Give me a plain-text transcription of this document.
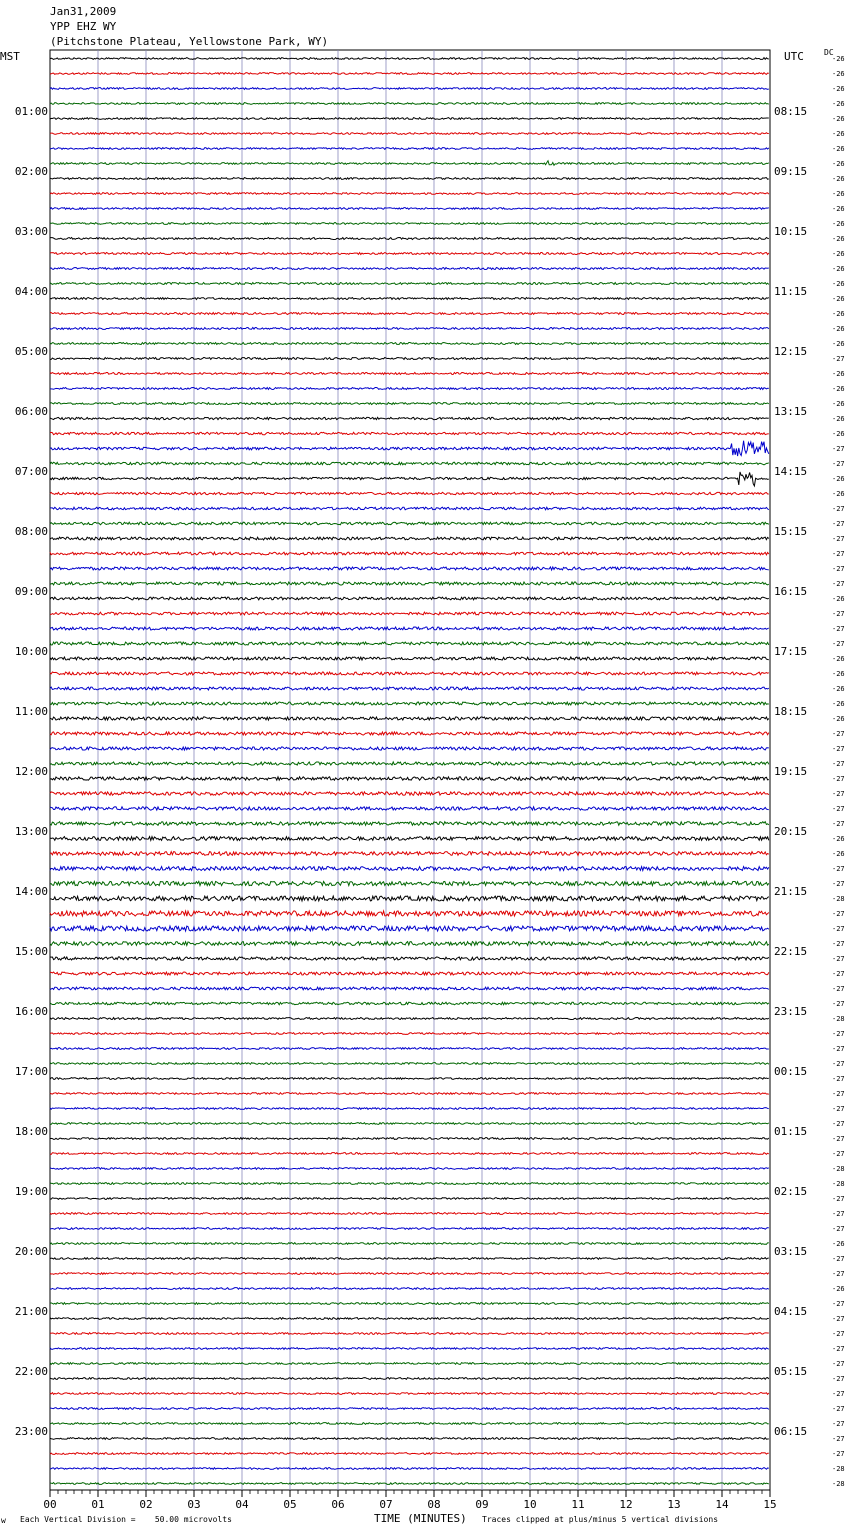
Jan31,2009
YPP EHZ WY
(Pitchstone Plateau, Yellowstone Park, WY)
MST	UTC	DC
-26
-26
-26
-26
-26
-26
-26
-26
-26
-26
-26
-26
-26
-26
-26
-26
-26
-26
-26
-26
-27
-26
-26
-26
-26
-26
-27
-27
-26
-26
-27
-27
-27
-27
-27
-27
-26
-27
-27
-27
-26
-26
-26
-26
-26
-27
-27
-27
-27
-27
-27
-27
-26
-26
-27
-27
-28
-27
-27
-27
-27
-27
-27
-27
-28
-27
-27
-27
-27
-27
-27
-27
-27
-27
-28
-28
-27
-27
-27
-26
-27
-27
-26
-27
-27
-27
-27
-27
-27
-27
-27
-27
-27
-27
-28
-28
01:00	08:15
02:00	09:15
03:00	10:15
04:00	11:15
05:00	12:15
06:00	13:15
07:00	14:15
08:00	15:15
09:00	16:15
10:00	17:15
11:00	18:15
12:00	19:15
13:00	20:15
14:00	21:15
15:00	22:15
16:00	23:15
17:00	00:15
18:00	01:15
19:00	02:15
20:00	03:15
21:00	04:15
22:00	05:15
23:00	06:15
00	01	02	03	04	05	06	07	08	09	10	11	12	13	14	15
w Each Vertical Division =    50.00 microvolts	TIME (MINUTES) Traces clipped at plus/minus 5 vertical divisions
